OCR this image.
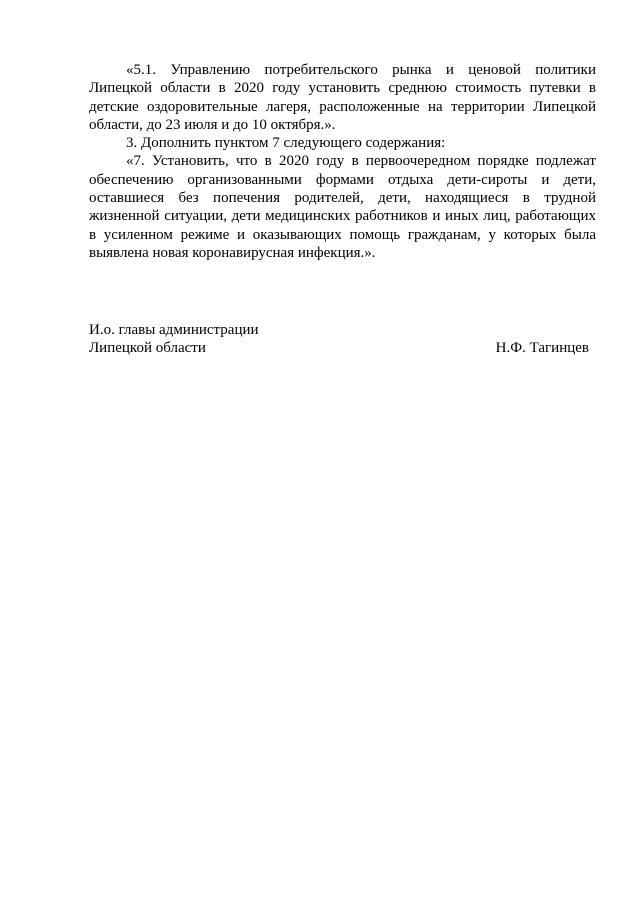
«5.1. Управлению потребительского рынка и ценовой политики Липецкой области в 2020 году установить среднюю стоимость путевки в детские оздоровительные лагеря, расположенные на территории Липецкой области, до 23 июля и до 10 октября.».

3. Дополнить пунктом 7 следующего содержания:

«7. Установить, что в 2020 году в первоочередном порядке подлежат обеспечению организованными формами отдыха дети-сироты и дети, оставшиеся без попечения родителей, дети, находящиеся в трудной жизненной ситуации, дети медицинских работников и иных лиц, работающих в усиленном режиме и оказывающих помощь гражданам, у которых была выявлена новая коронавирусная инфекция.».

И.о. главы администрации

Липецкой области	Н.Ф. Тагинцев
